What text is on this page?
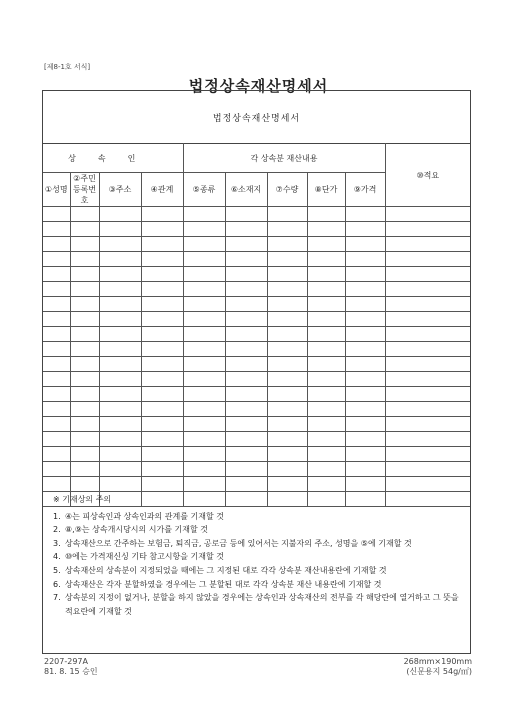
[제8-1호 서식]
법정상속재산명세서
법정상속재산명세서
상속인				각 상속분 재산내용					⑩적요
①성명	②주민등록번호	③주소	④관계	⑤종류	⑥소재지	⑦수량	⑧단가	⑨가격	

※ 기재상의 주의
1. ④는 피상속인과 상속인과의 관계를 기재할 것
2. ⑧,⑨는 상속개시당시의 시가를 기재할 것
3. 상속재산으로 간주하는 보험금, 퇴직금, 공로금 등에 있어서는 지불자의 주소, 성명을 ⑤에 기재할 것
4. ⑩에는 가격재신싱 기타 참고시항을 기재할 것
5. 상속재산의 상속분이 지정되었을 때에는 그 지정된 대로 각각 상속분 재산내용란에 기재할 것
6. 상속재산은 각자 분할하였을 경우에는 그 분할된 대로 각각 상속분 재산 내용란에 기재할 것
7. 상속분의 지정이 없거나, 분할을 하지 않았을 경우에는 상속인과 상속재산의 전부를 각 해당란에 열거하고 그 뜻을 적요란에 기재할 것
2207-297A
81. 8. 15 승인
268mm×190mm
(신문용지 54g/㎡)
